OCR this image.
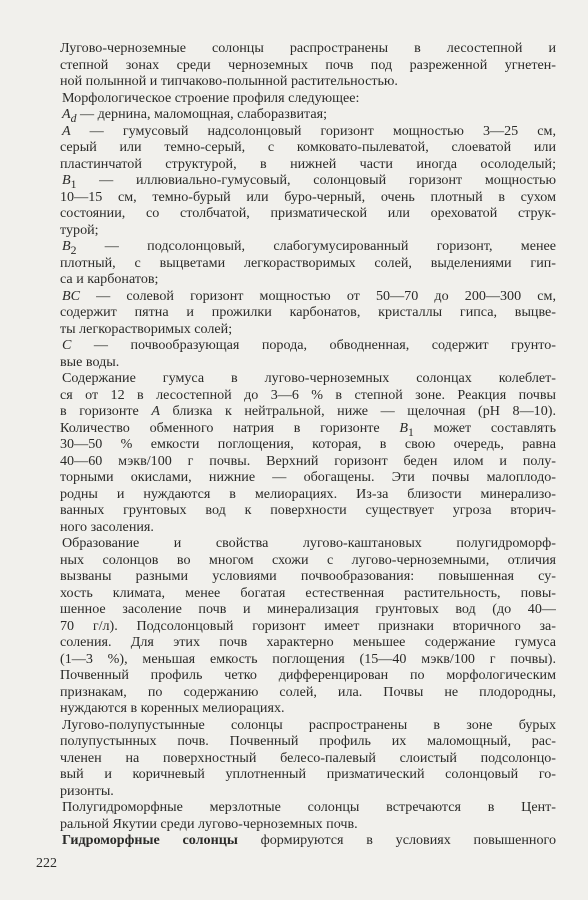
Лугово-черноземные солонцы распространены в лесостепной и
степной зонах среди черноземных почв под разреженной угнетен-
ной полынной и типчаково-полынной растительностью.
Морфологическое строение профиля следующее:
$A_d$ — дернина, маломощная, слаборазвитая;
A — гумусовый надсолонцовый горизонт мощностью 3—25 см,
серый или темно-серый, с комковато-пылеватой, слоеватой или
пластинчатой структурой, в нижней части иногда осолоделый;
$B_1$ — иллювиально-гумусовый, солонцовый горизонт мощностью
10—15 см, темно-бурый или буро-черный, очень плотный в сухом
состоянии, со столбчатой, призматической или ореховатой струк-
турой;
$B_2$ — подсолонцовый, слабогумусированный горизонт, менее
плотный, с выцветами легкорастворимых солей, выделениями гип-
са и карбонатов;
BC — солевой горизонт мощностью от 50—70 до 200—300 см,
содержит пятна и прожилки карбонатов, кристаллы гипса, выцве-
ты легкорастворимых солей;
C — почвообразующая порода, обводненная, содержит грунто-
вые воды.
Содержание гумуса в лугово-черноземных солонцах колеблет-
ся от 12 в лесостепной до 3—6 % в степной зоне. Реакция почвы
в горизонте A близка к нейтральной, ниже — щелочная (pH 8—10).
Количество обменного натрия в горизонте $B_1$ может составлять
30—50 % емкости поглощения, которая, в свою очередь, равна
40—60 мэкв/100 г почвы. Верхний горизонт беден илом и полу-
торными окислами, нижние — обогащены. Эти почвы малоплодо-
родны и нуждаются в мелиорациях. Из-за близости минерализо-
ванных грунтовых вод к поверхности существует угроза вторич-
ного засоления.
Образование и свойства лугово-каштановых полугидроморф-
ных солонцов во многом схожи с лугово-черноземными, отличия
вызваны разными условиями почвообразования: повышенная су-
хость климата, менее богатая естественная растительность, повы-
шенное засоление почв и минерализация грунтовых вод (до 40—
70 г/л). Подсолонцовый горизонт имеет признаки вторичного за-
соления. Для этих почв характерно меньшее содержание гумуса
(1—3 %), меньшая емкость поглощения (15—40 мэкв/100 г почвы).
Почвенный профиль четко дифференцирован по морфологическим
признакам, по содержанию солей, ила. Почвы не плодородны,
нуждаются в коренных мелиорациях.
Лугово-полупустынные солонцы распространены в зоне бурых
полупустынных почв. Почвенный профиль их маломощный, рас-
членен на поверхностный белесо-палевый слоистый подсолонцо-
вый и коричневый уплотненный призматический солонцовый го-
ризонты.
Полугидроморфные мерзлотные солонцы встречаются в Цент-
ральной Якутии среди лугово-черноземных почв.
Гидроморфные солонцы формируются в условиях повышенного
222
